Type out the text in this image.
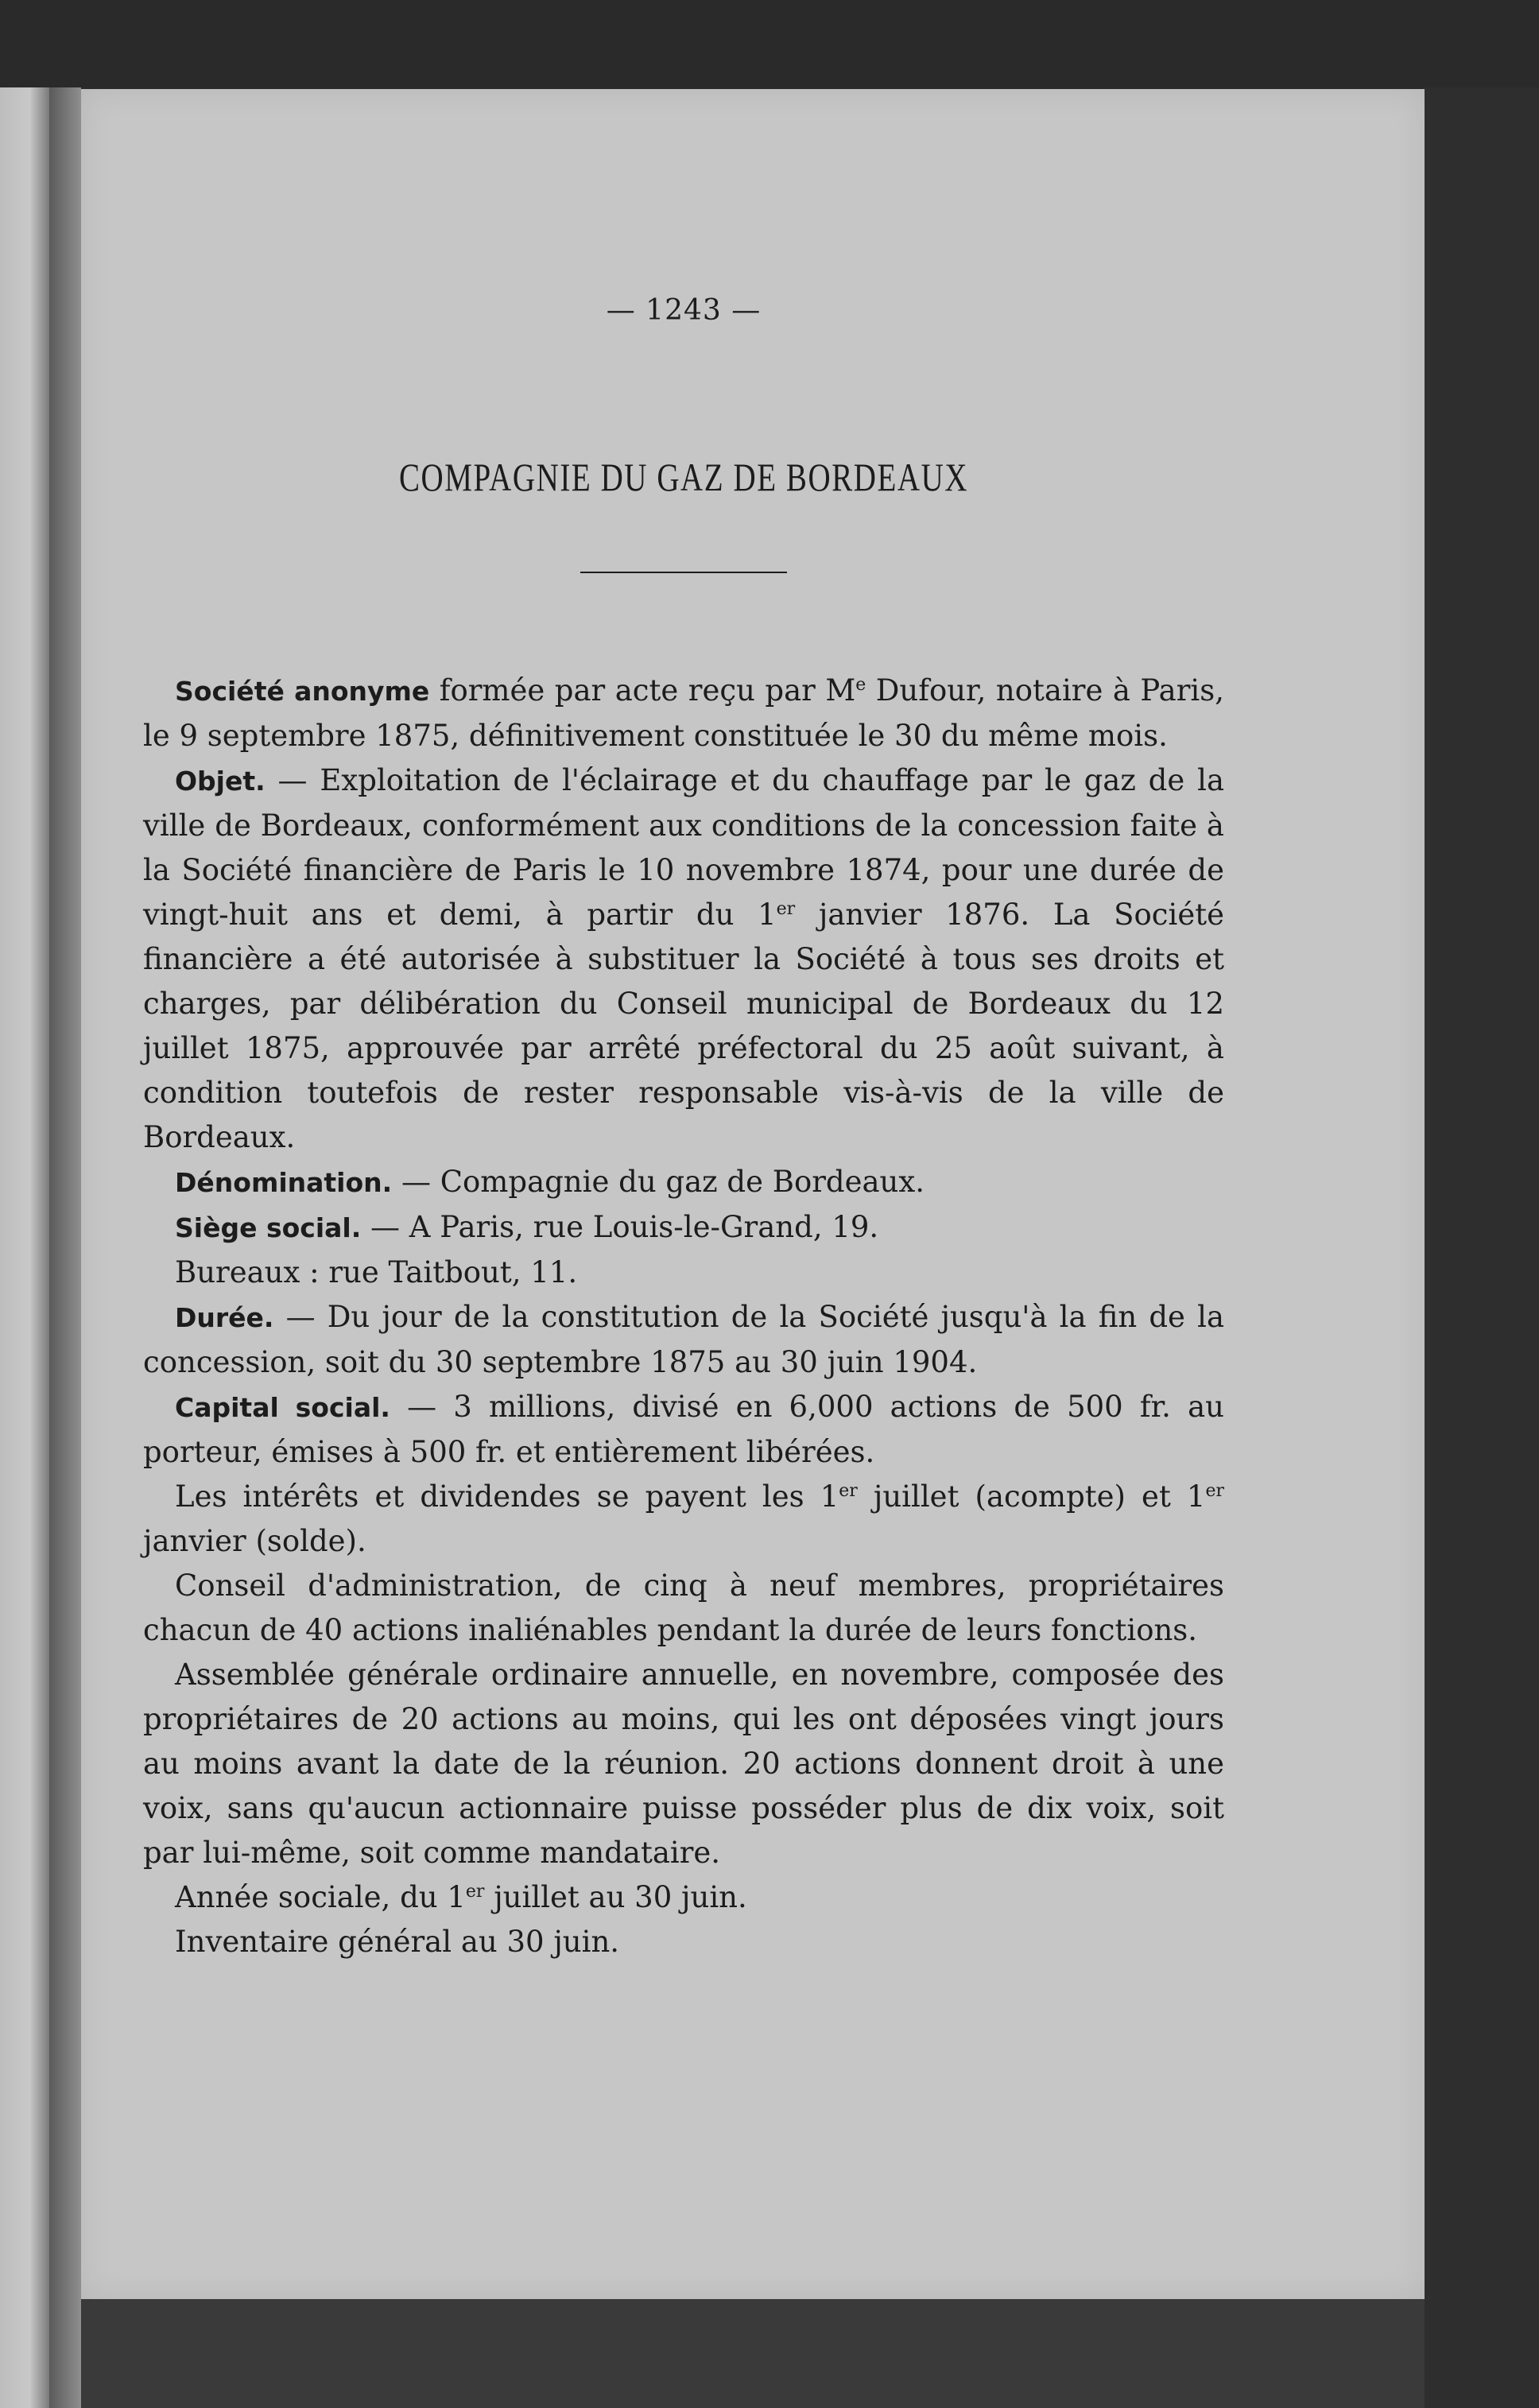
— 1243 —
COMPAGNIE DU GAZ DE BORDEAUX

Société anonyme formée par acte reçu par Me Dufour, notaire à Paris, le 9 septembre 1875, définitivement constituée le 30 du même mois.

Objet. — Exploitation de l'éclairage et du chauffage par le gaz de la ville de Bordeaux, conformément aux conditions de la concession faite à la Société financière de Paris le 10 novembre 1874, pour une durée de vingt-huit ans et demi, à partir du 1er janvier 1876. La Société financière a été autorisée à substituer la Société à tous ses droits et charges, par délibération du Conseil municipal de Bordeaux du 12 juillet 1875, approuvée par arrêté préfectoral du 25 août suivant, à condition toutefois de rester responsable vis-à-vis de la ville de Bordeaux.

Dénomination. — Compagnie du gaz de Bordeaux.

Siège social. — A Paris, rue Louis-le-Grand, 19.

Bureaux : rue Taitbout, 11.

Durée. — Du jour de la constitution de la Société jusqu'à la fin de la concession, soit du 30 septembre 1875 au 30 juin 1904.

Capital social. — 3 millions, divisé en 6,000 actions de 500 fr. au porteur, émises à 500 fr. et entièrement libérées.

Les intérêts et dividendes se payent les 1er juillet (acompte) et 1er janvier (solde).

Conseil d'administration, de cinq à neuf membres, propriétaires chacun de 40 actions inaliénables pendant la durée de leurs fonctions.

Assemblée générale ordinaire annuelle, en novembre, composée des propriétaires de 20 actions au moins, qui les ont déposées vingt jours au moins avant la date de la réunion. 20 actions donnent droit à une voix, sans qu'aucun actionnaire puisse posséder plus de dix voix, soit par lui-même, soit comme mandataire.

Année sociale, du 1er juillet au 30 juin.

Inventaire général au 30 juin.
